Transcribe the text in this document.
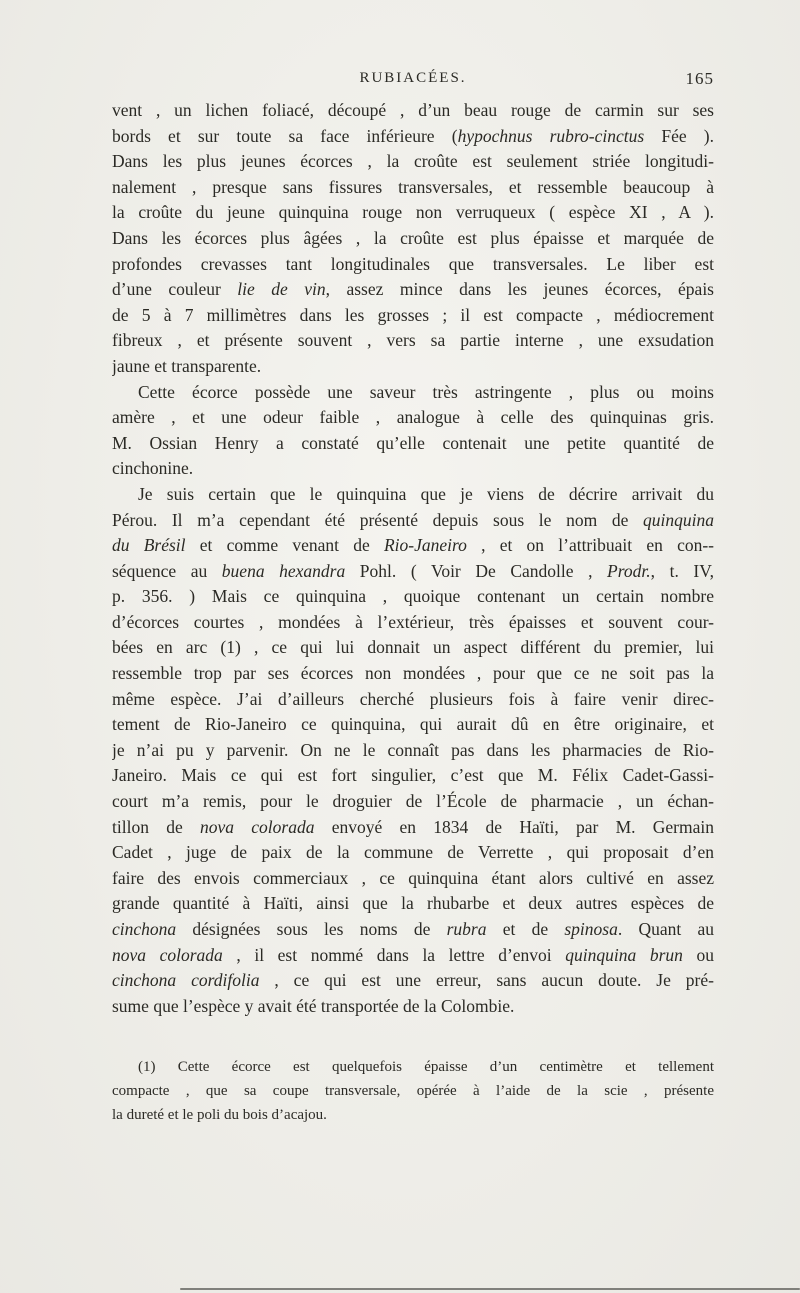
RUBIACÉES.	165
vent , un lichen foliacé, découpé , d’un beau rouge de carmin sur ses
bords et sur toute sa face inférieure (hypochnus rubro-cinctus Fée ).
Dans les plus jeunes écorces , la croûte est seulement striée longitudi-
nalement , presque sans fissures transversales, et ressemble beaucoup à
la croûte du jeune quinquina rouge non verruqueux ( espèce XI , A ).
Dans les écorces plus âgées , la croûte est plus épaisse et marquée de
profondes crevasses tant longitudinales que transversales. Le liber est
d’une couleur lie de vin, assez mince dans les jeunes écorces, épais
de 5 à 7 millimètres dans les grosses ; il est compacte , médiocrement
fibreux , et présente souvent , vers sa partie interne , une exsudation
jaune et transparente.
Cette écorce possède une saveur très astringente , plus ou moins
amère , et une odeur faible , analogue à celle des quinquinas gris.
M. Ossian Henry a constaté qu’elle contenait une petite quantité de
cinchonine.
Je suis certain que le quinquina que je viens de décrire arrivait du
Pérou. Il m’a cependant été présenté depuis sous le nom de quinquina
du Brésil et comme venant de Rio-Janeiro , et on l’attribuait en con--
séquence au buena hexandra Pohl. ( Voir De Candolle , Prodr., t. IV,
p. 356. ) Mais ce quinquina , quoique contenant un certain nombre
d’écorces courtes , mondées à l’extérieur, très épaisses et souvent cour-
bées en arc (1) , ce qui lui donnait un aspect différent du premier, lui
ressemble trop par ses écorces non mondées , pour que ce ne soit pas la
même espèce. J’ai d’ailleurs cherché plusieurs fois à faire venir direc-
tement de Rio-Janeiro ce quinquina, qui aurait dû en être originaire, et
je n’ai pu y parvenir. On ne le connaît pas dans les pharmacies de Rio-
Janeiro. Mais ce qui est fort singulier, c’est que M. Félix Cadet-Gassi-
court m’a remis, pour le droguier de l’École de pharmacie , un échan-
tillon de nova colorada envoyé en 1834 de Haïti, par M. Germain
Cadet , juge de paix de la commune de Verrette , qui proposait d’en
faire des envois commerciaux , ce quinquina étant alors cultivé en assez
grande quantité à Haïti, ainsi que la rhubarbe et deux autres espèces de
cinchona désignées sous les noms de rubra et de spinosa. Quant au
nova colorada , il est nommé dans la lettre d’envoi quinquina brun ou
cinchona cordifolia , ce qui est une erreur, sans aucun doute. Je pré-
sume que l’espèce y avait été transportée de la Colombie.
(1) Cette écorce est quelquefois épaisse d’un centimètre et tellement
compacte , que sa coupe transversale, opérée à l’aide de la scie , présente
la dureté et le poli du bois d’acajou.
